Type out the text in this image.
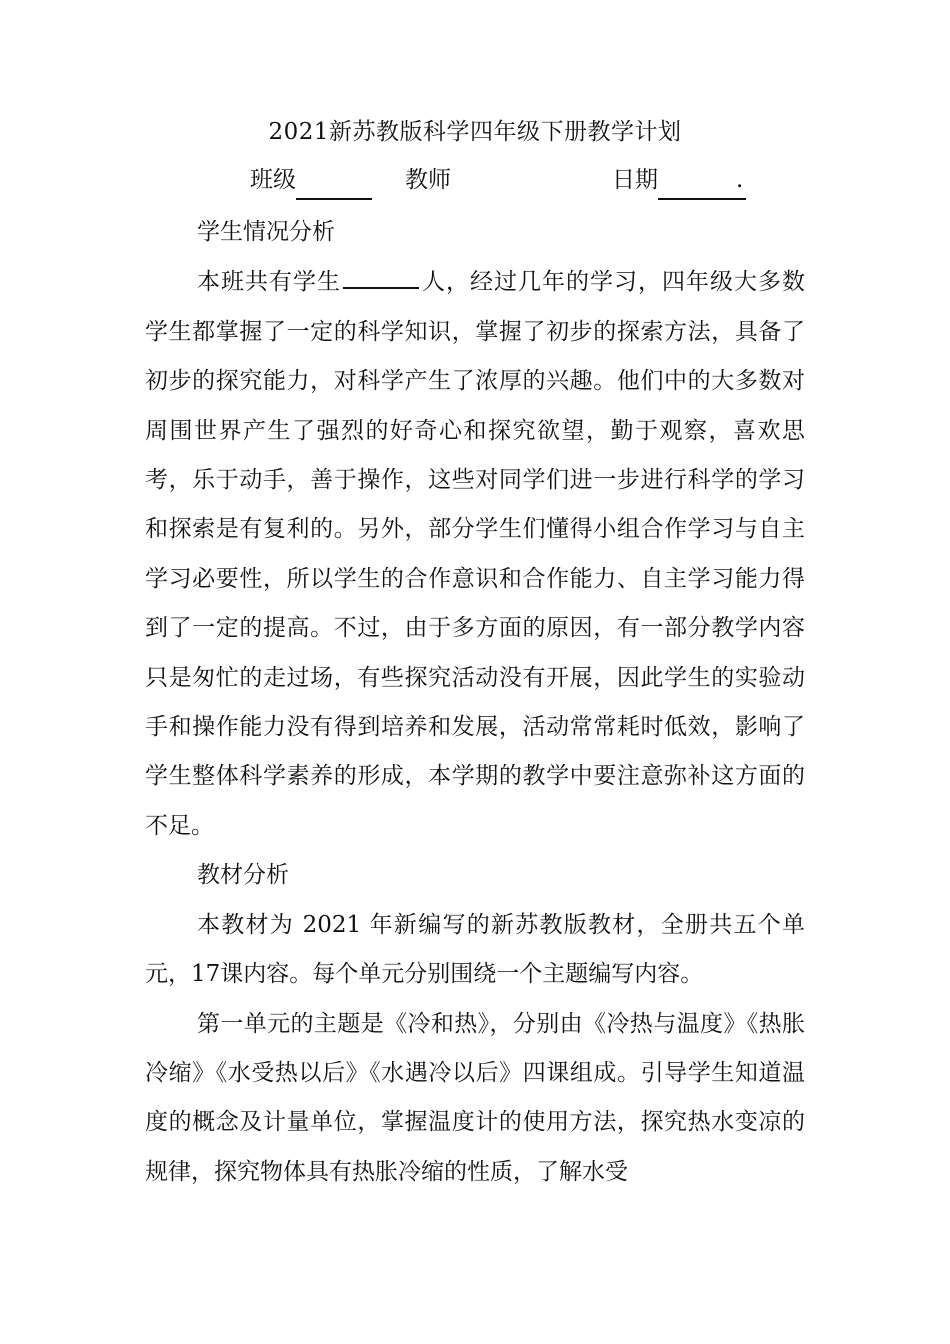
2021新苏教版科学四年级下册教学计划
班级	教师	日期	.

学生情况分析

本班共有学生	人，经过几年的学习，四年级大多数学生都掌握了一定的科学知识，掌握了初步的探索方法，具备了初步的探究能力，对科学产生了浓厚的兴趣。他们中的大多数对周围世界产生了强烈的好奇心和探究欲望，勤于观察，喜欢思考，乐于动手，善于操作，这些对同学们进一步进行科学的学习和探索是有复利的。另外，部分学生们懂得小组合作学习与自主学习必要性，所以学生的合作意识和合作能力、自主学习能力得到了一定的提高。不过，由于多方面的原因，有一部分教学内容只是匆忙的走过场，有些探究活动没有开展，因此学生的实验动手和操作能力没有得到培养和发展，活动常常耗时低效，影响了学生整体科学素养的形成，本学期的教学中要注意弥补这方面的不足。

教材分析

本教材为 2021 年新编写的新苏教版教材，全册共五个单元，17课内容。每个单元分别围绕一个主题编写内容。

第一单元的主题是《冷和热》，分别由《冷热与温度》《热胀冷缩》《水受热以后》《水遇冷以后》四课组成。引导学生知道温度的概念及计量单位，掌握温度计的使用方法，探究热水变凉的规律，探究物体具有热胀冷缩的性质，了解水受
